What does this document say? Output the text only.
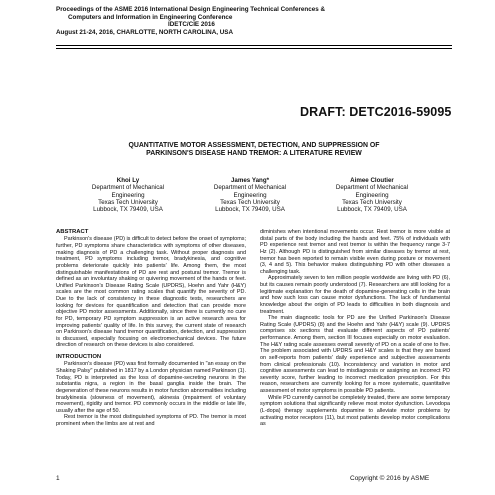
Proceedings of the ASME 2016 International Design Engineering Technical Conferences &
Computers and Information in Engineering Conference
IDETC/CIE 2016
August 21-24, 2016, CHARLOTTE, NORTH CAROLINA, USA
DRAFT: DETC2016-59095
QUANTITATIVE MOTOR ASSESSMENT, DETECTION, AND SUPPRESSION OF
PARKINSON'S DISEASE HAND TREMOR: A LITERATURE REVIEW
Khoi Ly
Department of Mechanical
Engineering
Texas Tech University
Lubbock, TX 79409, USA
James Yang*
Department of Mechanical
Engineering
Texas Tech University
Lubbock, TX 79409, USA
Aimee Cloutier
Department of Mechanical
Engineering
Texas Tech University
Lubbock, TX 79409, USA

ABSTRACT

Parkinson's disease (PD) is difficult to detect before the onset of symptoms; further, PD symptoms share characteristics with symptoms of other diseases, making diagnosis of PD a challenging task. Without proper diagnosis and treatment, PD symptoms including tremor, bradykinesia, and cognitive problems deteriorate quickly into patients' life. Among them, the most distinguishable manifestations of PD are rest and postural tremor. Tremor is defined as an involuntary shaking or quivering movement of the hands or feet. Unified Parkinson's Disease Rating Scale (UPDRS), Hoehn and Yahr (H&Y) scales are the most common rating scales that quantify the severity of PD. Due to the lack of consistency in these diagnostic tests, researchers are looking for devices for quantification and detection that can provide more objective PD motor assessments. Additionally, since there is currently no cure for PD, temporary PD symptom suppression is an active research area for improving patients' quality of life. In this survey, the current state of research on Parkinson's disease hand tremor quantification, detection, and suppression is discussed, especially focusing on electromechanical devices. The future direction of research on these devices is also considered.

INTRODUCTION

Parkinson's disease (PD) was first formally documented in "an essay on the Shaking Palsy" published in 1817 by a London physician named Parkinson (1). Today, PD is interpreted as the loss of dopamine-secreting neurons in the substantia nigra, a region in the basal ganglia inside the brain. The degeneration of these neurons results in motor function abnormalities including bradykinesia (slowness of movement), akinesia (impairment of voluntary movement), rigidity and tremor. PD commonly occurs in the middle or late life, usually after the age of 50.

Rest tremor is the most distinguished symptoms of PD. The tremor is most prominent when the limbs are at rest and

diminishes when intentional movements occur. Rest tremor is more visible at distal parts of the body including the hands and feet. 75% of individuals with PD experience rest tremor and rest tremor is within the frequency range 3-7 Hz (2). Although PD is distinguished from similar diseases by tremor at rest, tremor has been reported to remain visible even during posture or movement (3, 4 and 5). This behavior makes distinguishing PD with other diseases a challenging task.

Approximately seven to ten million people worldwide are living with PD (6), but its causes remain poorly understood (7). Researchers are still looking for a legitimate explanation for the death of dopamine-generating cells in the brain and how such loss can cause motor dysfunctions. The lack of fundamental knowledge about the origin of PD leads to difficulties in both diagnosis and treatment.

The main diagnostic tools for PD are the Unified Parkinson's Disease Rating Scale (UPDRS) (8) and the Hoehn and Yahr (H&Y) scale (9). UPDRS comprises six sections that evaluate different aspects of PD patients' performance. Among them, section III focuses especially on motor evaluation. The H&Y rating scale assesses overall severity of PD on a scale of one to five. The problem associated with UPDRS and H&Y scales is that they are based on self-reports from patients' daily experience and subjective assessments from clinical professionals (10). Inconsistency and variation in motor and cognitive assessments can lead to misdiagnosis or assigning an incorrect PD severity score, further leading to incorrect medication prescription. For this reason, researchers are currently looking for a more systematic, quantitative assessment of motor symptoms in possible PD patients.

While PD currently cannot be completely treated, there are some temporary symptom solutions that significantly relieve most motor dysfunction. Levodopa (L-dopa) therapy supplements dopamine to alleviate motor problems by activating motor receptors (11), but most patients develop motor complications as

1	Copyright © 2016 by ASME
